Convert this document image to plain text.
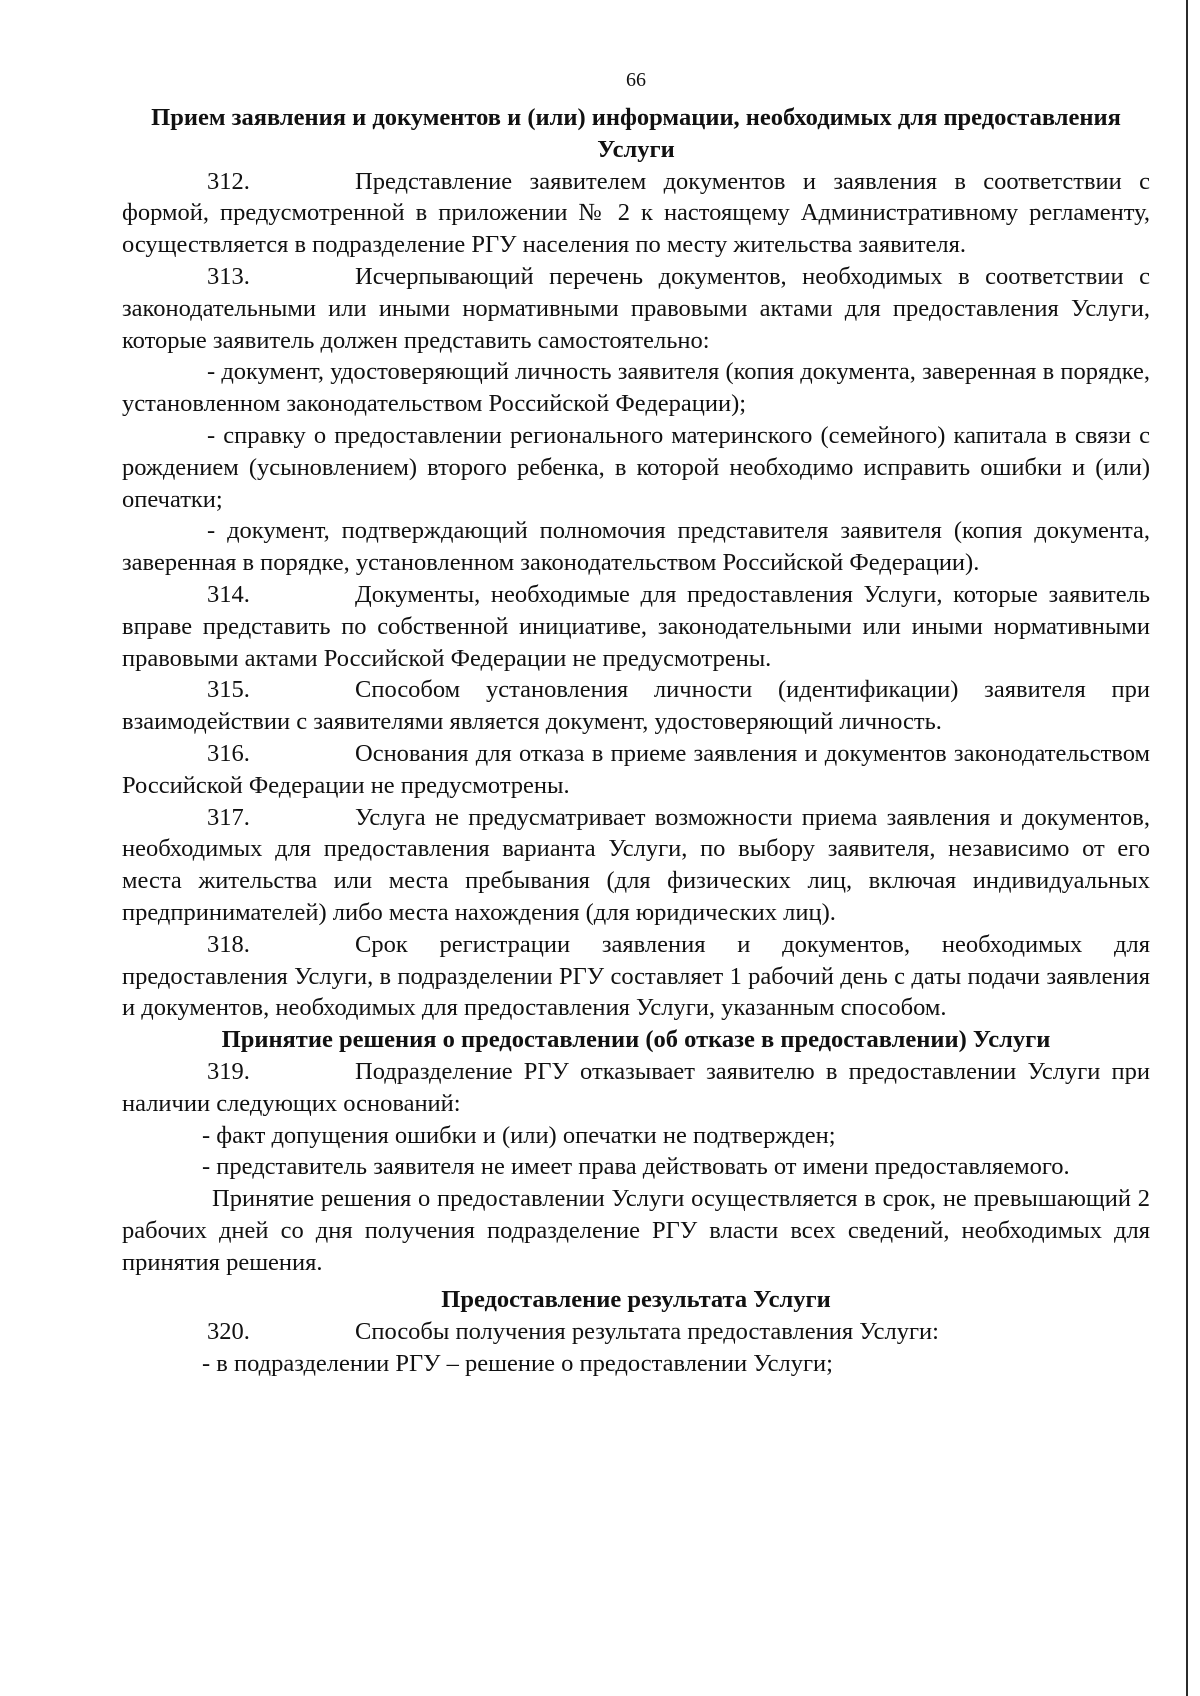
66
Прием заявления и документов и (или) информации, необходимых для предоставления Услуги

312.	Представление заявителем документов и заявления в соответствии с формой, предусмотренной в приложении № 2 к настоящему Административному регламенту, осуществляется в подразделение РГУ населения по месту жительства заявителя.

313.	Исчерпывающий перечень документов, необходимых в соответствии с законодательными или иными нормативными правовыми актами для предоставления Услуги, которые заявитель должен представить самостоятельно:

- документ, удостоверяющий личность заявителя (копия документа, заверенная в порядке, установленном законодательством Российской Федерации);

- справку о предоставлении регионального материнского (семейного) капитала в связи с рождением (усыновлением) второго ребенка, в которой необходимо исправить ошибки и (или) опечатки;

- документ, подтверждающий полномочия представителя заявителя (копия документа, заверенная в порядке, установленном законодательством Российской Федерации).

314.	Документы, необходимые для предоставления Услуги, которые заявитель вправе представить по собственной инициативе, законодательными или иными нормативными правовыми актами Российской Федерации не предусмотрены.

315.	Способом установления личности (идентификации) заявителя при взаимодействии с заявителями является документ, удостоверяющий личность.

316.	Основания для отказа в приеме заявления и документов законодательством Российской Федерации не предусмотрены.

317.	Услуга не предусматривает возможности приема заявления и документов, необходимых для предоставления варианта Услуги, по выбору заявителя, независимо от его места жительства или места пребывания (для физических лиц, включая индивидуальных предпринимателей) либо места нахождения (для юридических лиц).

318.	Срок регистрации заявления и документов, необходимых для предоставления Услуги, в подразделении РГУ составляет 1 рабочий день с даты подачи заявления и документов, необходимых для предоставления Услуги, указанным способом.

Принятие решения о предоставлении (об отказе в предоставлении) Услуги

319.	Подразделение РГУ отказывает заявителю в предоставлении Услуги при наличии следующих оснований:

- факт допущения ошибки и (или) опечатки не подтвержден;

- представитель заявителя не имеет права действовать от имени предоставляемого.

Принятие решения о предоставлении Услуги осуществляется в срок, не превышающий 2 рабочих дней со дня получения подразделение РГУ власти всех сведений, необходимых для принятия решения.

Предоставление результата Услуги

320.	Способы получения результата предоставления Услуги:

- в подразделении РГУ – решение о предоставлении Услуги;
